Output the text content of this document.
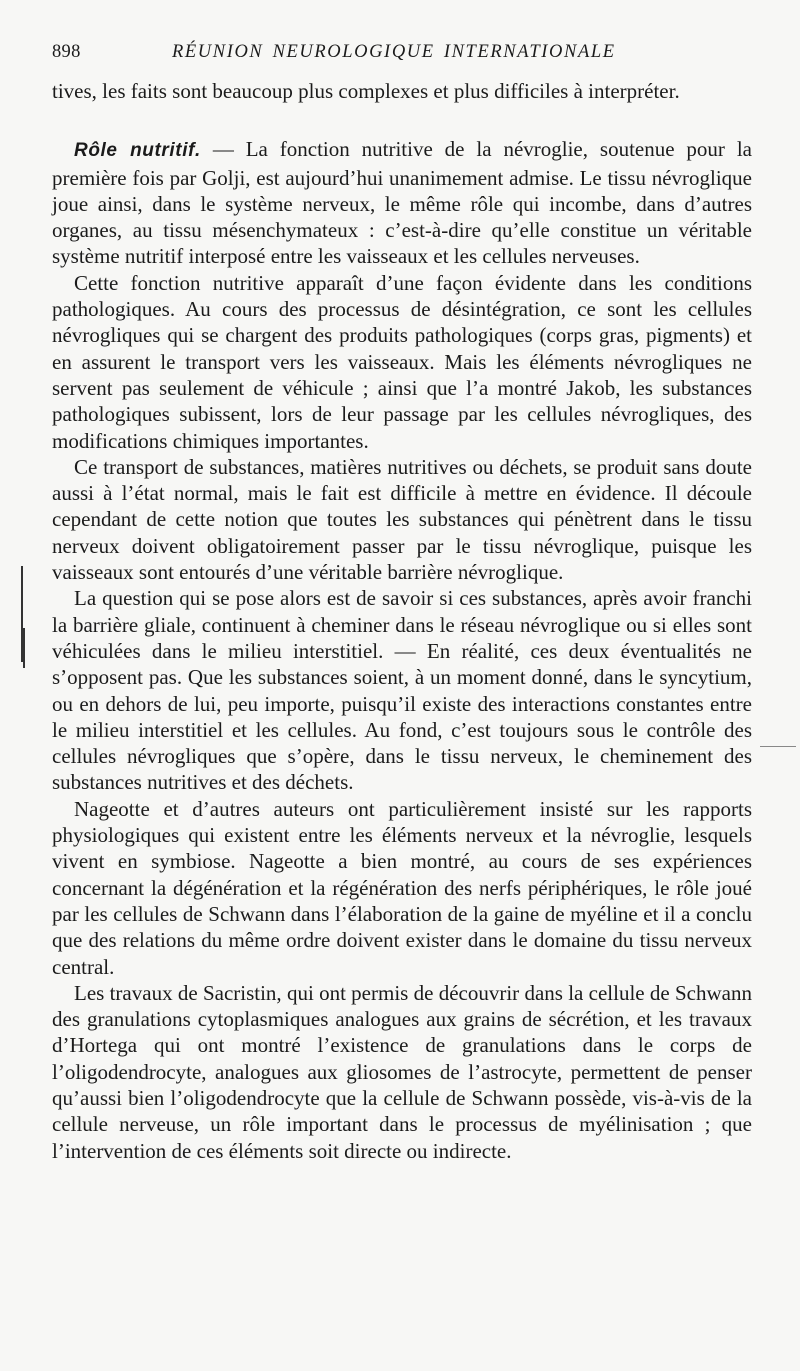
898	RÉUNION NEUROLOGIQUE INTERNATIONALE

tives, les faits sont beaucoup plus complexes et plus difficiles à interpréter.

Rôle nutritif. — La fonction nutritive de la névroglie, soutenue pour la première fois par Golji, est aujourd’hui unanimement admise. Le tissu névroglique joue ainsi, dans le système nerveux, le même rôle qui incombe, dans d’autres organes, au tissu mésenchymateux : c’est-à-dire qu’elle constitue un véritable système nutritif interposé entre les vaisseaux et les cellules nerveuses.

Cette fonction nutritive apparaît d’une façon évidente dans les conditions pathologiques. Au cours des processus de désintégration, ce sont les cellules névrogliques qui se chargent des produits pathologiques (corps gras, pigments) et en assurent le transport vers les vaisseaux. Mais les éléments névrogliques ne servent pas seulement de véhicule ; ainsi que l’a montré Jakob, les substances pathologiques subissent, lors de leur passage par les cellules névrogliques, des modifications chimiques importantes.

Ce transport de substances, matières nutritives ou déchets, se produit sans doute aussi à l’état normal, mais le fait est difficile à mettre en évidence. Il découle cependant de cette notion que toutes les substances qui pénètrent dans le tissu nerveux doivent obligatoirement passer par le tissu névroglique, puisque les vaisseaux sont entourés d’une véritable barrière névroglique.

La question qui se pose alors est de savoir si ces substances, après avoir franchi la barrière gliale, continuent à cheminer dans le réseau névroglique ou si elles sont véhiculées dans le milieu interstitiel. — En réalité, ces deux éventualités ne s’opposent pas. Que les substances soient, à un moment donné, dans le syncytium, ou en dehors de lui, peu importe, puisqu’il existe des interactions constantes entre le milieu interstitiel et les cellules. Au fond, c’est toujours sous le contrôle des cellules névrogliques que s’opère, dans le tissu nerveux, le cheminement des substances nutritives et des déchets.

Nageotte et d’autres auteurs ont particulièrement insisté sur les rapports physiologiques qui existent entre les éléments nerveux et la névroglie, lesquels vivent en symbiose. Nageotte a bien montré, au cours de ses expériences concernant la dégénération et la régénération des nerfs périphériques, le rôle joué par les cellules de Schwann dans l’élaboration de la gaine de myéline et il a conclu que des relations du même ordre doivent exister dans le domaine du tissu nerveux central.

Les travaux de Sacristin, qui ont permis de découvrir dans la cellule de Schwann des granulations cytoplasmiques analogues aux grains de sécrétion, et les travaux d’Hortega qui ont montré l’existence de granulations dans le corps de l’oligodendrocyte, analogues aux gliosomes de l’astrocyte, permettent de penser qu’aussi bien l’oligodendrocyte que la cellule de Schwann possède, vis-à-vis de la cellule nerveuse, un rôle important dans le processus de myélinisation ; que l’intervention de ces éléments soit directe ou indirecte.
